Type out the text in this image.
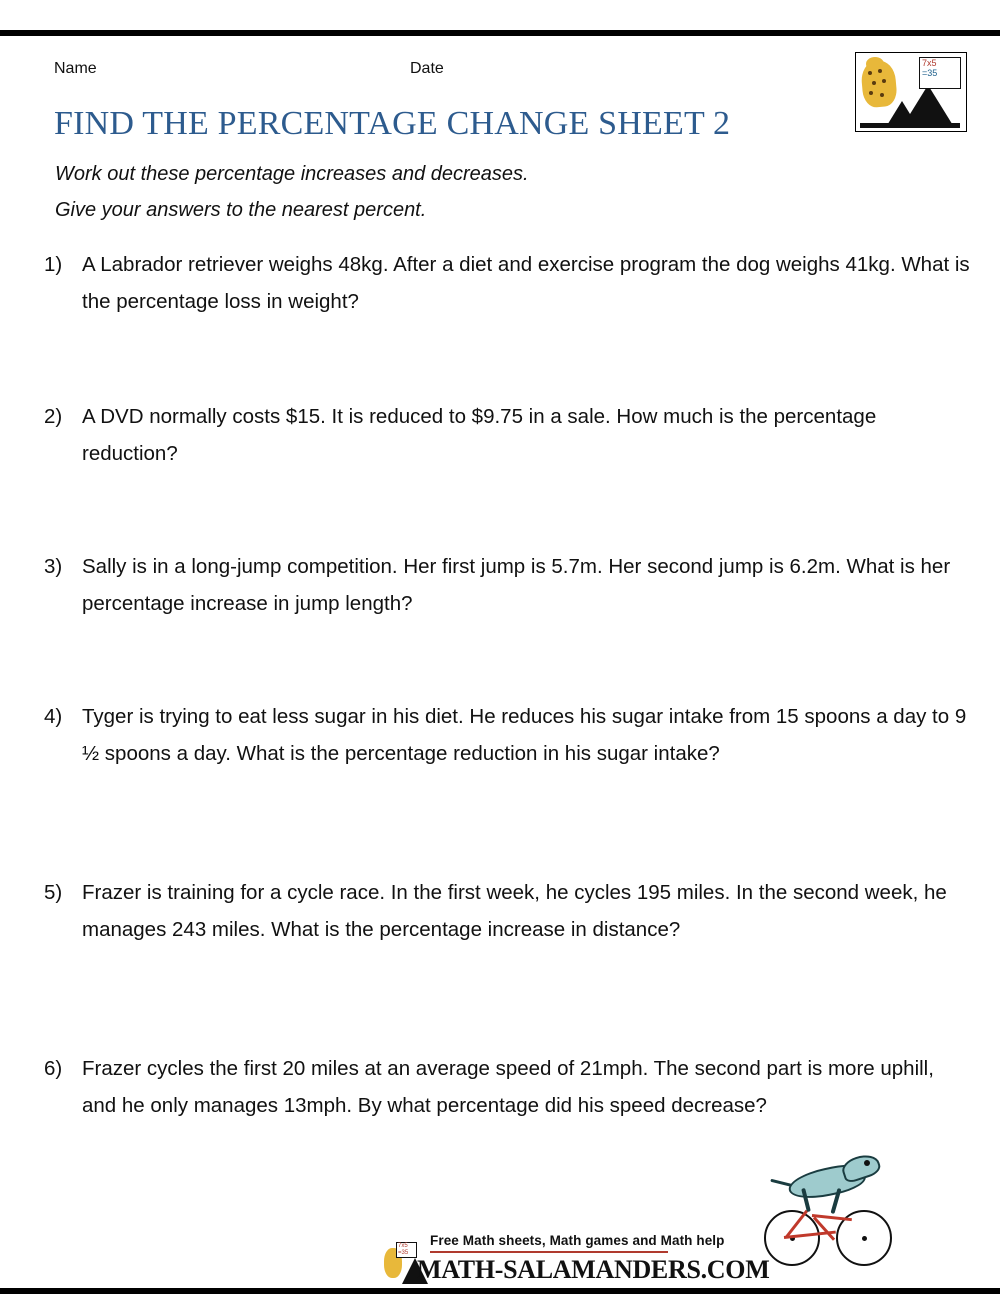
Name	Date	7x5
=35
FIND THE PERCENTAGE CHANGE SHEET 2
Work out these percentage increases and decreases.
Give your answers to the nearest percent.
1) A Labrador retriever weighs 48kg. After a diet and exercise program the dog weighs 41kg. What is the percentage loss in weight?
2) A DVD normally costs $15. It is reduced to $9.75 in a sale. How much is the percentage reduction?
3) Sally is in a long-jump competition. Her first jump is 5.7m. Her second jump is 6.2m. What is her percentage increase in jump length?
4) Tyger is trying to eat less sugar in his diet. He reduces his sugar intake from 15 spoons a day to 9 ½ spoons a day. What is the percentage reduction in his sugar intake?
5) Frazer is training for a cycle race. In the first week, he cycles 195 miles. In the second week, he manages 243 miles. What is the percentage increase in distance?
6) Frazer cycles the first 20 miles at an average speed of 21mph. The second part is more uphill, and he only manages 13mph. By what percentage did his speed decrease?
7x5
=35
Free Math sheets, Math games and Math help
MATH-SALAMANDERS.COM
